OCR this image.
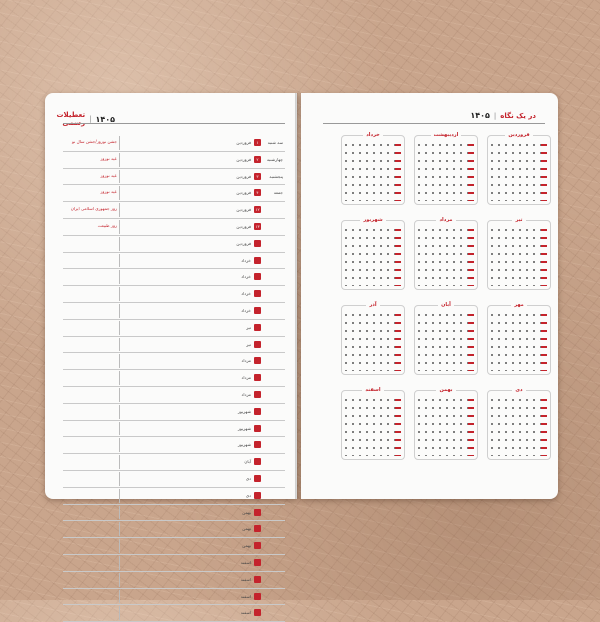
۱۴۰۵
|
تعطیلات رسمی
سه شنبه
۱
فروردین
جشن نوروز/جشن سال نو
چهارشنبه
۲
فروردین
عید نوروز
پنجشنبه
۳
فروردین
عید نوروز
جمعه
۴
فروردین
عید نوروز
۱۲
فروردین
روز جمهوری اسلامی ایران
۱۳
فروردین
روز طبیعت
فروردین
خرداد
خرداد
خرداد
خرداد
تیر
تیر
مرداد
مرداد
مرداد
شهریور
شهریور
شهریور
آبان
دی
دی
بهمن
بهمن
بهمن
اسفند
اسفند
اسفند
اسفند
در یک نگاه
|
۱۴۰۵
فروردین
اردیبهشت
خرداد
تیر
مرداد
شهریور
مهر
آبان
آذر
دی
بهمن
اسفند
